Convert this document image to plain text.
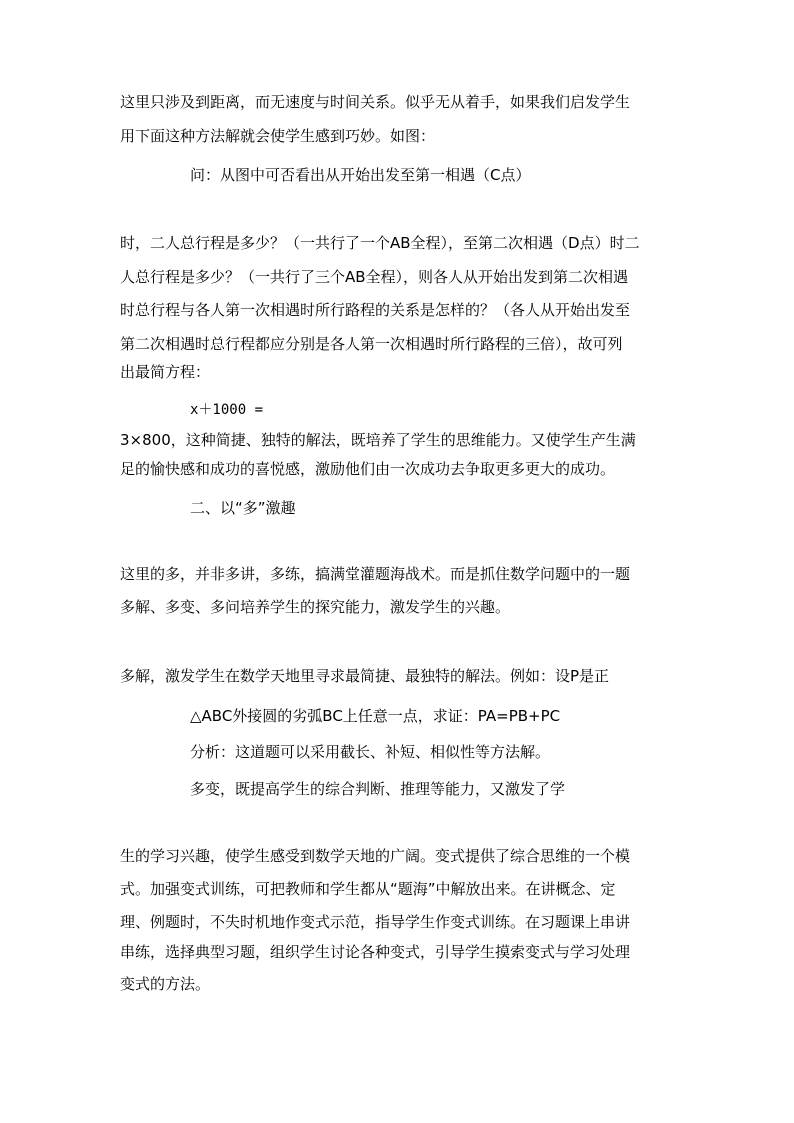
这里只涉及到距离，而无速度与时间关系。似乎无从着手，如果我们启发学生
用下面这种方法解就会使学生感到巧妙。如图：
问：从图中可否看出从开始出发至第一相遇（C点）
时，二人总行程是多少？（一共行了一个AB全程），至第二次相遇（D点）时二
人总行程是多少？（一共行了三个AB全程），则各人从开始出发到第二次相遇
时总行程与各人第一次相遇时所行路程的关系是怎样的？（各人从开始出发至
第二次相遇时总行程都应分别是各人第一次相遇时所行路程的三倍），故可列
出最简方程：
x＋1000 =
3×800，这种简捷、独特的解法，既培养了学生的思维能力。又使学生产生满
足的愉快感和成功的喜悦感，激励他们由一次成功去争取更多更大的成功。
二、以“多”激趣
这里的多，并非多讲，多练，搞满堂灌题海战术。而是抓住数学问题中的一题
多解、多变、多问培养学生的探究能力，激发学生的兴趣。
多解，激发学生在数学天地里寻求最简捷、最独特的解法。例如：设P是正
△ABC外接圆的劣弧BC上任意一点，求证：PA=PB+PC
分析：这道题可以采用截长、补短、相似性等方法解。
多变，既提高学生的综合判断、推理等能力，又激发了学
生的学习兴趣，使学生感受到数学天地的广阔。变式提供了综合思维的一个模
式。加强变式训练，可把教师和学生都从“题海”中解放出来。在讲概念、定
理、例题时，不失时机地作变式示范，指导学生作变式训练。在习题课上串讲
串练，选择典型习题，组织学生讨论各种变式，引导学生摸索变式与学习处理
变式的方法。
